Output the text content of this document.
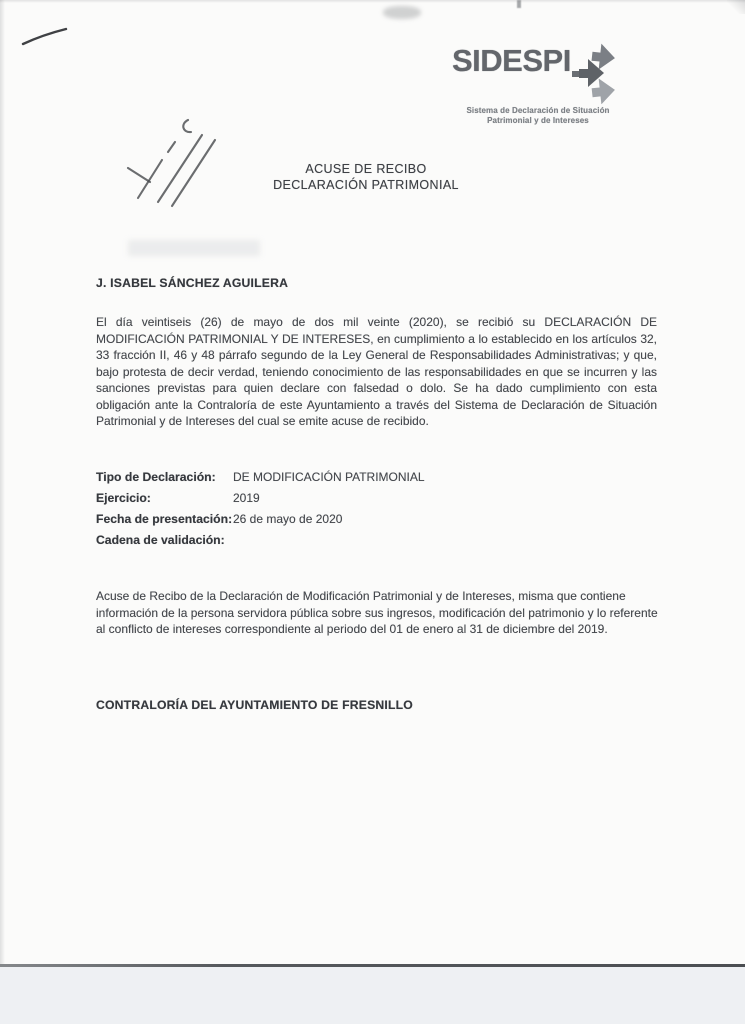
SIDESPI
Sistema de Declaración de Situación
Patrimonial y de Intereses
ACUSE DE RECIBO
DECLARACIÓN PATRIMONIAL
J. ISABEL SÁNCHEZ AGUILERA

El día veintiseis (26) de mayo de dos mil veinte (2020), se recibió su DECLARACIÓN DE MODIFICACIÓN PATRIMONIAL Y DE INTERESES, en cumplimiento a lo establecido en los artículos 32, 33 fracción II, 46 y 48 párrafo segundo de la Ley General de Responsabilidades Administrativas; y que, bajo protesta de decir verdad, teniendo conocimiento de las responsabilidades en que se incurren y las sanciones previstas para quien declare con falsedad o dolo. Se ha dado cumplimiento con esta obligación ante la Contraloría de este Ayuntamiento a través del Sistema de Declaración de Situación Patrimonial y de Intereses del cual se emite acuse de recibido.

Tipo de Declaración:	DE MODIFICACIÓN PATRIMONIAL
Ejercicio:	2019
Fecha de presentación: 26 de mayo de 2020
Cadena de validación:

Acuse de Recibo de la Declaración de Modificación Patrimonial y de Intereses, misma que contiene información de la persona servidora pública sobre sus ingresos, modificación del patrimonio y lo referente al conflicto de intereses correspondiente al periodo del 01 de enero al 31 de diciembre del 2019.

CONTRALORÍA DEL AYUNTAMIENTO DE FRESNILLO
